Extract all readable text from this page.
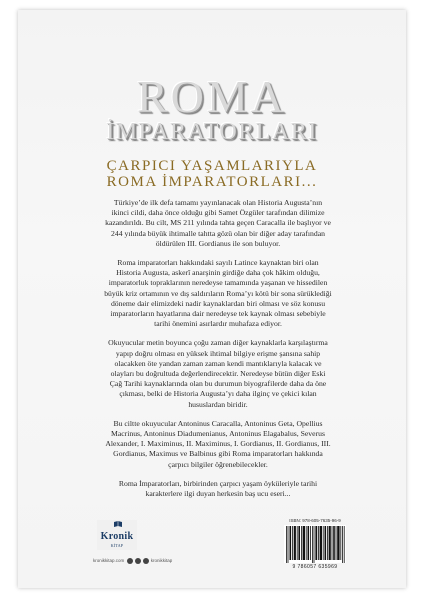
ROMA
İMPARATORLARI
ÇARPICI YAŞAMLARIYLA
ROMA İMPARATORLARI...

Türkiye’de ilk defa tamamı yayınlanacak olan Historia Augusta’nın
ikinci cildi, daha önce olduğu gibi Samet Özgüler tarafından dilimize
kazandırıldı. Bu cilt, MS 211 yılında tahta geçen Caracalla ile başlıyor ve
244 yılında büyük ihtimalle tahtta gözü olan bir diğer aday tarafından
öldürülen III. Gordianus ile son buluyor.

Roma imparatorları hakkındaki sayılı Latince kaynaktan biri olan
Historia Augusta, askerî anarşinin girdiğe daha çok hâkim olduğu,
imparatorluk topraklarının neredeyse tamamında yaşanan ve hissedilen
büyük kriz ortamının ve dış saldırıların Roma’yı kötü bir sona sürüklediği
döneme dair elimizdeki nadir kaynaklardan biri olması ve söz konusu
imparatorların hayatlarına dair neredeyse tek kaynak olması sebebiyle
tarihi önemini asırlardır muhafaza ediyor.

Okuyucular metin boyunca çoğu zaman diğer kaynaklarla karşılaştırma
yapıp doğru olması en yüksek ihtimal bilgiye erişme şansına sahip
olacakken öte yandan zaman zaman kendi mantıklarıyla kalacak ve
olayları bu doğrultuda değerlendirecektir. Neredeyse bütün diğer Eski
Çağ Tarihi kaynaklarında olan bu durumun biyografilerde daha da öne
çıkması, belki de Historia Augusta’yı daha ilginç ve çekici kılan
hususlardan biridir.

Bu ciltte okuyucular Antoninus Caracalla, Antoninus Geta, Opellius
Macrinus, Antoninus Diadumenianus, Antoninus Elagabalus, Severus
Alexander, I. Maximinus, II. Maximinus, I. Gordianus, II. Gordianus, III.
Gordianus, Maximus ve Balbinus gibi Roma imparatorları hakkında
çarpıcı bilgiler öğrenebilecekler.

Roma İmparatorları, birbirinden çarpıcı yaşam öyküleriyle tarihi
karakterlere ilgi duyan herkesin baş ucu eseri...

Kronik
KİTAP
kronikkitap.com	kronikkitap
ISBN: 978-605-7635-96-9
9 786057 635969
